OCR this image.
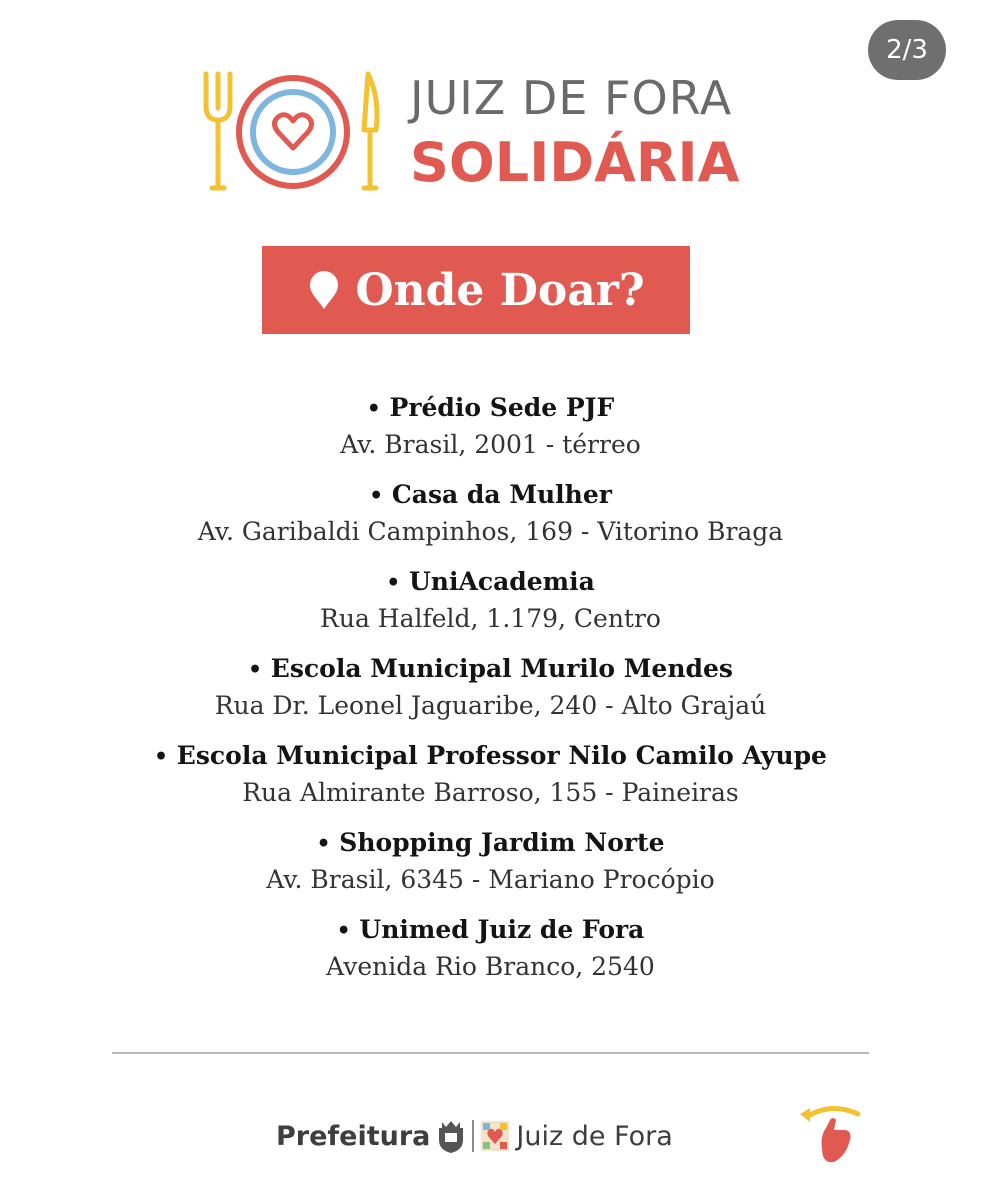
2/3
JUIZ DE FORA
SOLIDÁRIA
Onde Doar?
• Prédio Sede PJF
Av. Brasil, 2001 - térreo
• Casa da Mulher
Av. Garibaldi Campinhos, 169 - Vitorino Braga
• UniAcademia
Rua Halfeld, 1.179, Centro
• Escola Municipal Murilo Mendes
Rua Dr. Leonel Jaguaribe, 240 - Alto Grajaú
• Escola Municipal Professor Nilo Camilo Ayupe
Rua Almirante Barroso, 155 - Paineiras
• Shopping Jardim Norte
Av. Brasil, 6345 - Mariano Procópio
• Unimed Juiz de Fora
Avenida Rio Branco, 2540
Prefeitura	Juiz de Fora
